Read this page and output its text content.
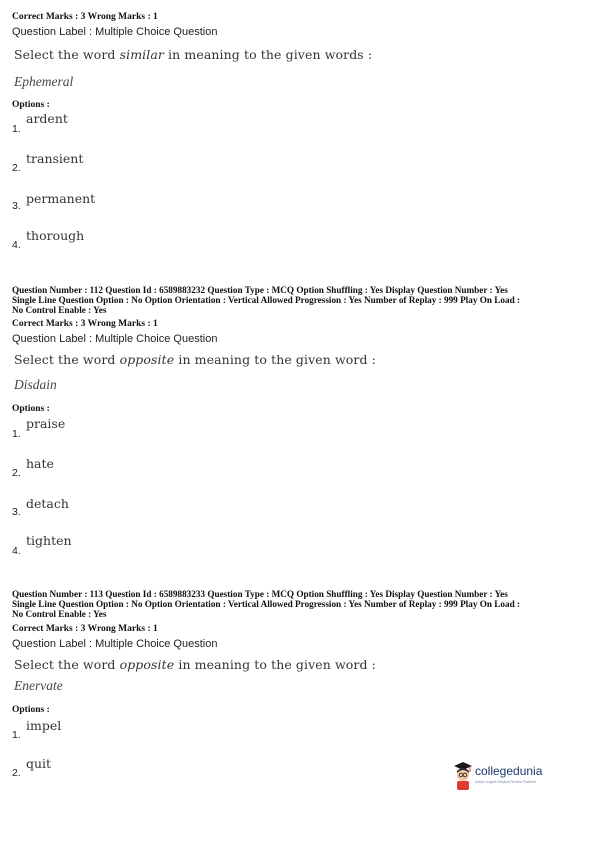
Correct Marks : 3 Wrong Marks : 1
Question Label : Multiple Choice Question
Select the word similar in meaning to the given words :
Ephemeral
Options :
1.
ardent
2.
transient
3. permanent
4.
thorough
Question Number : 112 Question Id : 6589883232 Question Type : MCQ Option Shuffling : Yes Display Question Number : Yes
Single Line Question Option : No Option Orientation : Vertical Allowed Progression : Yes Number of Replay : 999 Play On Load :
No Control Enable : Yes
Correct Marks : 3 Wrong Marks : 1
Question Label : Multiple Choice Question
Select the word opposite in meaning to the given word :
Disdain
Options :
1.
praise
2.
hate
3.
detach
4.
tighten
Question Number : 113 Question Id : 6589883233 Question Type : MCQ Option Shuffling : Yes Display Question Number : Yes
Single Line Question Option : No Option Orientation : Vertical Allowed Progression : Yes Number of Replay : 999 Play On Load :
No Control Enable : Yes
Correct Marks : 3 Wrong Marks : 1
Question Label : Multiple Choice Question
Select the word opposite in meaning to the given word :
Enervate
Options :
1.
impel
2.
quit	collegedunia
India's largest Student Review Platform
